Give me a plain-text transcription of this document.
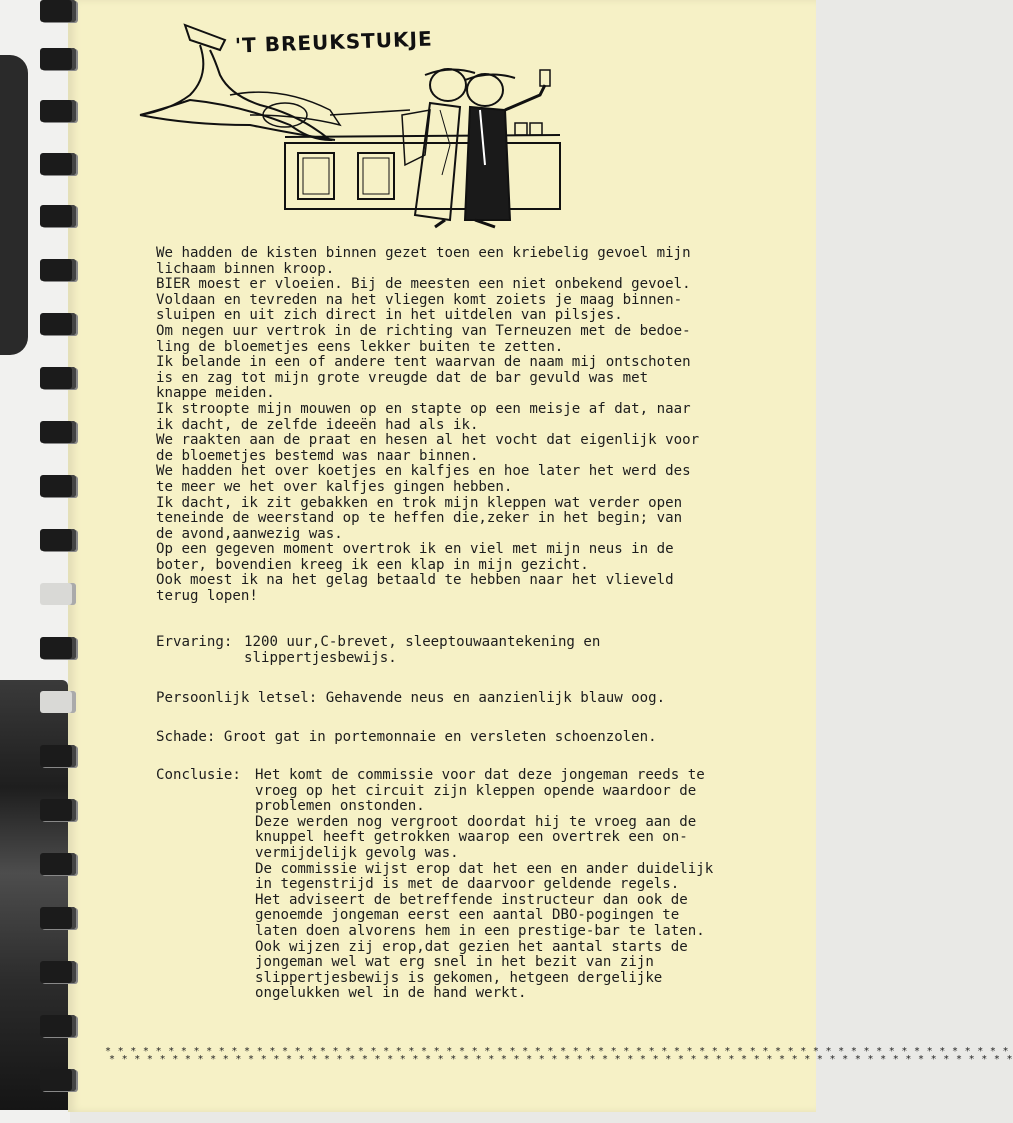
'T BREUKSTUKJE
We hadden de kisten binnen gezet toen een kriebelig gevoel mijn
lichaam binnen kroop.
BIER moest er vloeien. Bij de meesten een niet onbekend gevoel.
Voldaan en tevreden na het vliegen komt zoiets je maag binnen-
sluipen en uit zich direct in het uitdelen van pilsjes.
Om negen uur vertrok in de richting van Terneuzen met de bedoe-
ling de bloemetjes eens lekker buiten te zetten.
Ik belande in een of andere tent waarvan de naam mij ontschoten
is en zag tot mijn grote vreugde dat de bar gevuld was met
knappe meiden.
Ik stroopte mijn mouwen op en stapte op een meisje af dat, naar
ik dacht, de zelfde ideeën had als ik.
We raakten aan de praat en hesen al het vocht dat eigenlijk voor
de bloemetjes bestemd was naar binnen.
We hadden het over koetjes en kalfjes en hoe later het werd des
te meer we het over kalfjes gingen hebben.
Ik dacht, ik zit gebakken en trok mijn kleppen wat verder open
teneinde de weerstand op te heffen die,zeker in het begin; van
de avond,aanwezig was.
Op een gegeven moment overtrok ik en viel met mijn neus in de
boter, bovendien kreeg ik een klap in mijn gezicht.
Ook moest ik na het gelag betaald te hebben naar het vlieveld
terug lopen!
Ervaring: 1200 uur,C-brevet, sleeptouwaantekening en
slippertjesbewijs.
Persoonlijk letsel: Gehavende neus en aanzienlijk blauw oog.
Schade: Groot gat in portemonnaie en versleten schoenzolen.
Conclusie: Het komt de commissie voor dat deze jongeman reeds te
vroeg op het circuit zijn kleppen opende waardoor de
problemen onstonden.
Deze werden nog vergroot doordat hij te vroeg aan de
knuppel heeft getrokken waarop een overtrek een on-
vermijdelijk gevolg was.
De commissie wijst erop dat het een en ander duidelijk
in tegenstrijd is met de daarvoor geldende regels.
Het adviseert de betreffende instructeur dan ook de
genoemde jongeman eerst een aantal DBO-pogingen te
laten doen alvorens hem in een prestige-bar te laten.
Ook wijzen zij erop,dat gezien het aantal starts de
jongeman wel wat erg snel in het bezit van zijn
slippertjesbewijs is gekomen, hetgeen dergelijke
ongelukken wel in de hand werkt.
* * * * * * * * * * * * * * * * * * * * * * * * * * * * * * * * * * * * * * * * * * * * * * * * * * * * * * * * * * * * * * * * * * * * * * * *
* * * * * * * * * * * * * * * * * * * * * * * * * * * * * * * * * * * * * * * * * * * * * * * * * * * * * * * * * * * * * * * * * * * * * * * *
